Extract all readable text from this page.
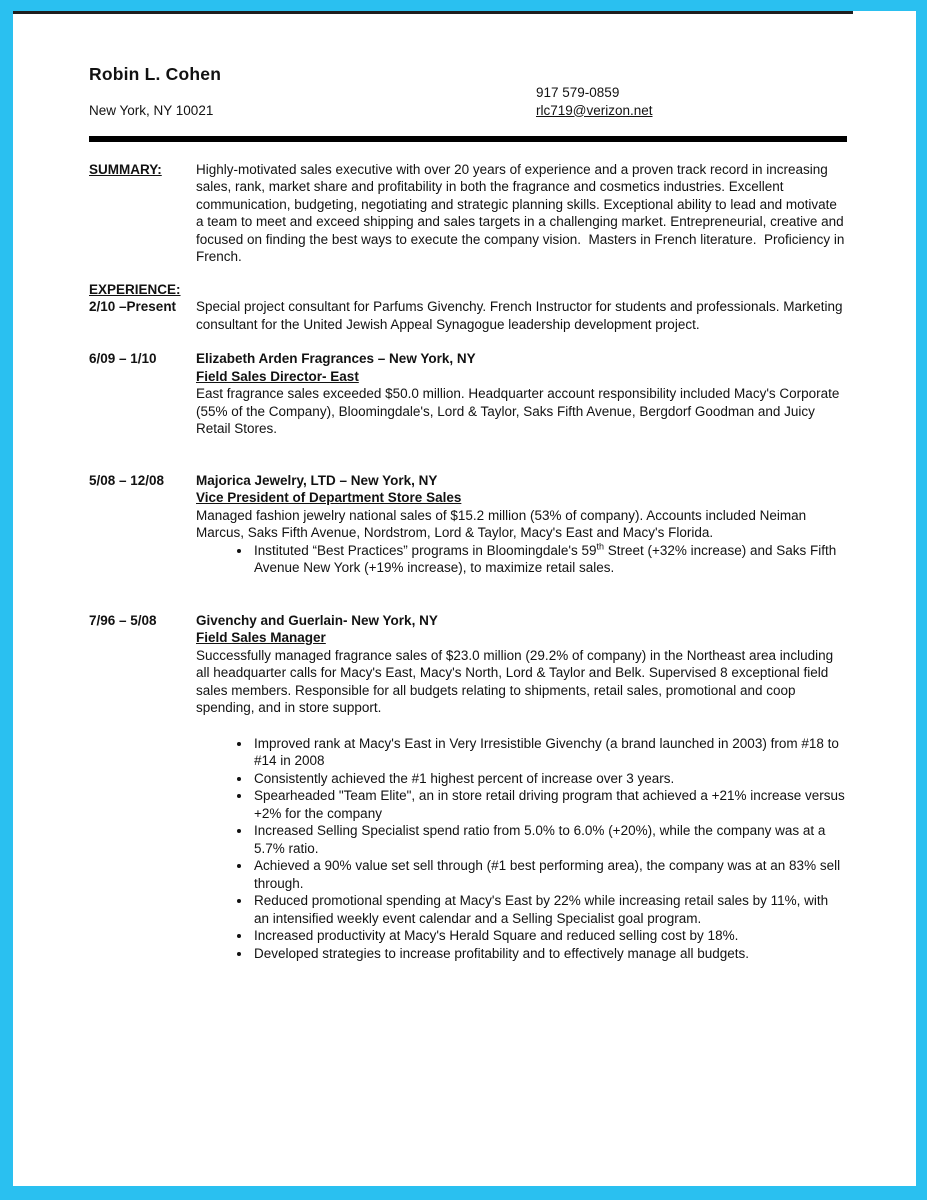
Robin L. Cohen
New York, NY 10021
917 579-0859
rlc719@verizon.net
SUMMARY:	Highly-motivated sales executive with over 20 years of experience and a proven track record in increasing sales, rank, market share and profitability in both the fragrance and cosmetics industries. Excellent communication, budgeting, negotiating and strategic planning skills. Exceptional ability to lead and motivate a team to meet and exceed shipping and sales targets in a challenging market. Entrepreneurial, creative and focused on finding the best ways to execute the company vision.  Masters in French literature.  Proficiency in French.

EXPERIENCE:
2/10 –Present	Special project consultant for Parfums Givenchy. French Instructor for students and professionals. Marketing consultant for the United Jewish Appeal Synagogue leadership development project.

6/09 – 1/10	Elizabeth Arden Fragrances – New York, NY
Field Sales Director- East

East fragrance sales exceeded $50.0 million. Headquarter account responsibility included Macy's Corporate (55% of the Company), Bloomingdale's, Lord & Taylor, Saks Fifth Avenue, Bergdorf Goodman and Juicy Retail Stores.

5/08 – 12/08	Majorica Jewelry, LTD – New York, NY
Vice President of Department Store Sales

Managed fashion jewelry national sales of $15.2 million (53% of company). Accounts included Neiman Marcus, Saks Fifth Avenue, Nordstrom, Lord & Taylor, Macy's East and Macy's Florida.

• Instituted “Best Practices” programs in Bloomingdale's 59th Street (+32% increase) and Saks Fifth Avenue New York (+19% increase), to maximize retail sales.
7/96 – 5/08	Givenchy and Guerlain- New York, NY
Field Sales Manager

Successfully managed fragrance sales of $23.0 million (29.2% of company) in the Northeast area including all headquarter calls for Macy's East, Macy's North, Lord & Taylor and Belk. Supervised 8 exceptional field sales members. Responsible for all budgets relating to shipments, retail sales, promotional and coop spending, and in store support.

• Improved rank at Macy's East in Very Irresistible Givenchy (a brand launched in 2003) from #18 to #14 in 2008
• Consistently achieved the #1 highest percent of increase over 3 years.
• Spearheaded "Team Elite", an in store retail driving program that achieved a +21% increase versus +2% for the company
• Increased Selling Specialist spend ratio from 5.0% to 6.0% (+20%), while the company was at a 5.7% ratio.
• Achieved a 90% value set sell through (#1 best performing area), the company was at an 83% sell through.
• Reduced promotional spending at Macy's East by 22% while increasing retail sales by 11%, with an intensified weekly event calendar and a Selling Specialist goal program.
• Increased productivity at Macy's Herald Square and reduced selling cost by 18%.
• Developed strategies to increase profitability and to effectively manage all budgets.
